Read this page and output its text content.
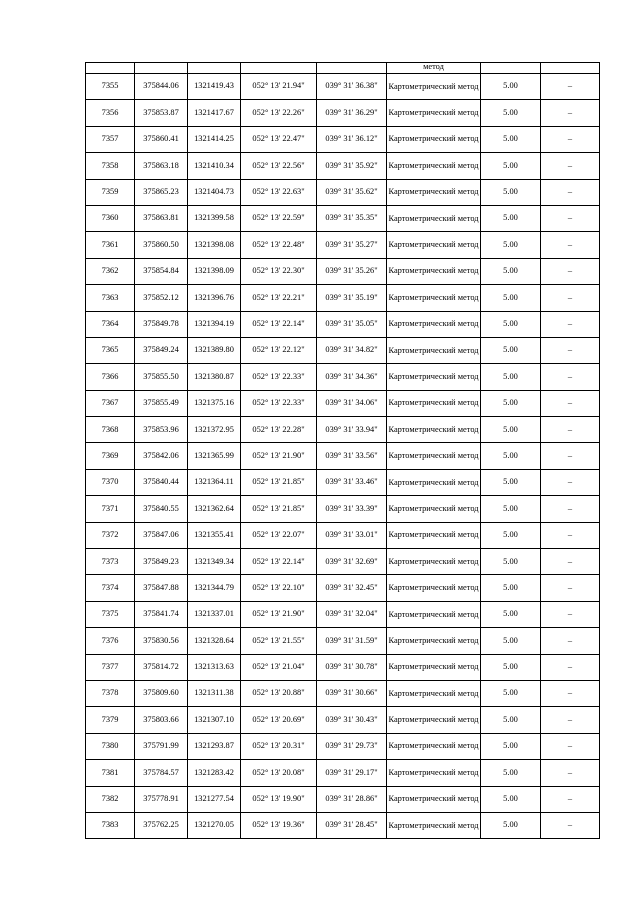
					метод		
7355	375844.06	1321419.43	052° 13' 21.94"	039° 31' 36.38"	Картометрический метод	5.00	–
7356	375853.87	1321417.67	052° 13' 22.26"	039° 31' 36.29"	Картометрический метод	5.00	–
7357	375860.41	1321414.25	052° 13' 22.47"	039° 31' 36.12"	Картометрический метод	5.00	–
7358	375863.18	1321410.34	052° 13' 22.56"	039° 31' 35.92"	Картометрический метод	5.00	–
7359	375865.23	1321404.73	052° 13' 22.63"	039° 31' 35.62"	Картометрический метод	5.00	–
7360	375863.81	1321399.58	052° 13' 22.59"	039° 31' 35.35"	Картометрический метод	5.00	–
7361	375860.50	1321398.08	052° 13' 22.48"	039° 31' 35.27"	Картометрический метод	5.00	–
7362	375854.84	1321398.09	052° 13' 22.30"	039° 31' 35.26"	Картометрический метод	5.00	–
7363	375852.12	1321396.76	052° 13' 22.21"	039° 31' 35.19"	Картометрический метод	5.00	–
7364	375849.78	1321394.19	052° 13' 22.14"	039° 31' 35.05"	Картометрический метод	5.00	–
7365	375849.24	1321389.80	052° 13' 22.12"	039° 31' 34.82"	Картометрический метод	5.00	–
7366	375855.50	1321380.87	052° 13' 22.33"	039° 31' 34.36"	Картометрический метод	5.00	–
7367	375855.49	1321375.16	052° 13' 22.33"	039° 31' 34.06"	Картометрический метод	5.00	–
7368	375853.96	1321372.95	052° 13' 22.28"	039° 31' 33.94"	Картометрический метод	5.00	–
7369	375842.06	1321365.99	052° 13' 21.90"	039° 31' 33.56"	Картометрический метод	5.00	–
7370	375840.44	1321364.11	052° 13' 21.85"	039° 31' 33.46"	Картометрический метод	5.00	–
7371	375840.55	1321362.64	052° 13' 21.85"	039° 31' 33.39"	Картометрический метод	5.00	–
7372	375847.06	1321355.41	052° 13' 22.07"	039° 31' 33.01"	Картометрический метод	5.00	–
7373	375849.23	1321349.34	052° 13' 22.14"	039° 31' 32.69"	Картометрический метод	5.00	–
7374	375847.88	1321344.79	052° 13' 22.10"	039° 31' 32.45"	Картометрический метод	5.00	–
7375	375841.74	1321337.01	052° 13' 21.90"	039° 31' 32.04"	Картометрический метод	5.00	–
7376	375830.56	1321328.64	052° 13' 21.55"	039° 31' 31.59"	Картометрический метод	5.00	–
7377	375814.72	1321313.63	052° 13' 21.04"	039° 31' 30.78"	Картометрический метод	5.00	–
7378	375809.60	1321311.38	052° 13' 20.88"	039° 31' 30.66"	Картометрический метод	5.00	–
7379	375803.66	1321307.10	052° 13' 20.69"	039° 31' 30.43"	Картометрический метод	5.00	–
7380	375791.99	1321293.87	052° 13' 20.31"	039° 31' 29.73"	Картометрический метод	5.00	–
7381	375784.57	1321283.42	052° 13' 20.08"	039° 31' 29.17"	Картометрический метод	5.00	–
7382	375778.91	1321277.54	052° 13' 19.90"	039° 31' 28.86"	Картометрический метод	5.00	–
7383	375762.25	1321270.05	052° 13' 19.36"	039° 31' 28.45"	Картометрический метод	5.00	–
